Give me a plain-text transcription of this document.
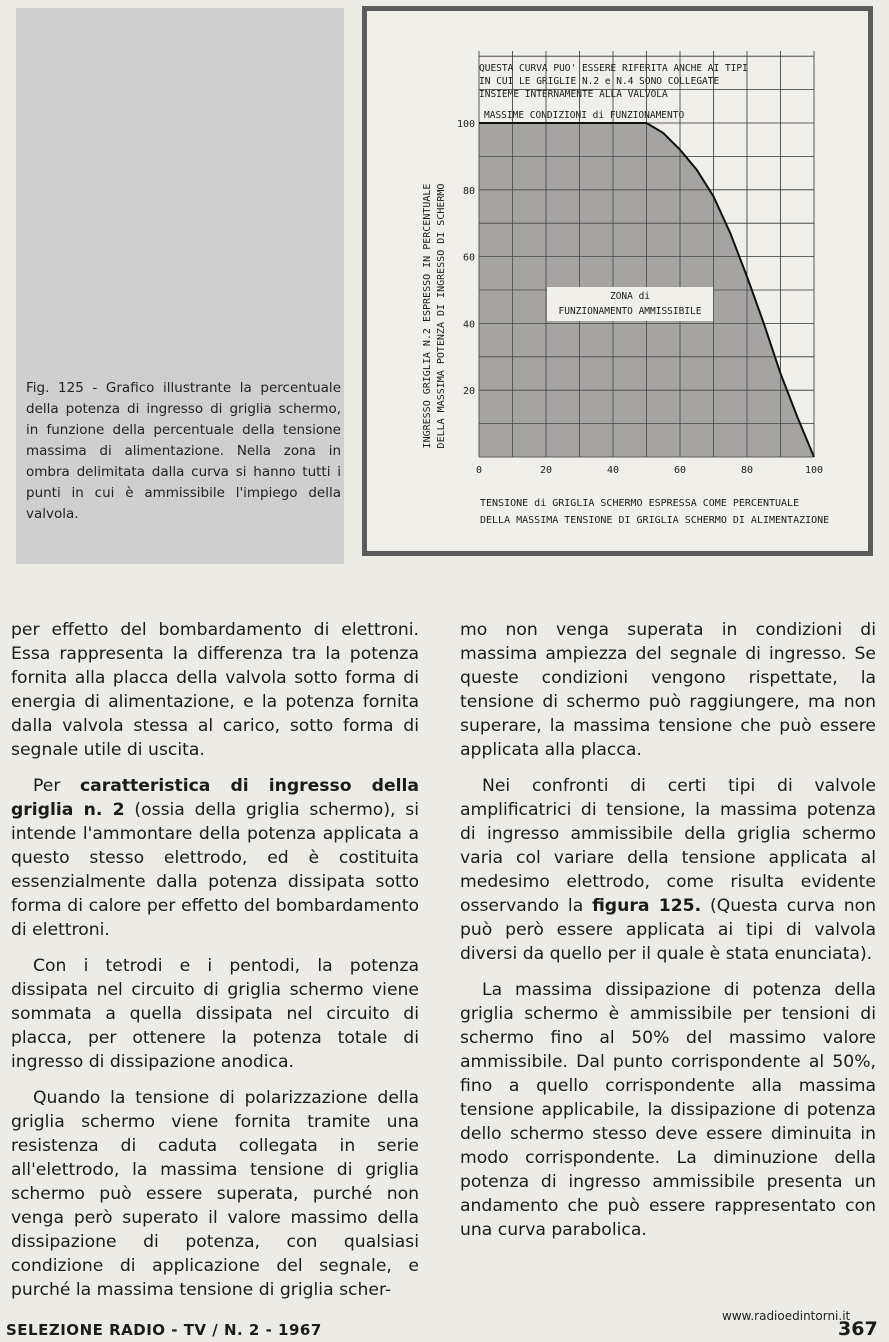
Fig. 125 - Grafico illustrante la percentuale della potenza di ingresso di griglia schermo, in funzione della percentuale della tensione massima di alimentazione. Nella zona in ombra delimitata dalla curva si hanno tutti i punti in cui è ammissibile l'impiego della valvola.
QUESTA CURVA PUO' ESSERE RIFERITA ANCHE AI TIPI
IN CUI LE GRIGLIE N.2 e N.4 SONO COLLEGATE
INSIEME INTERNAMENTE ALLA VALVOLA
MASSIME CONDIZIONI di FUNZIONAMENTO
0	20	40	60	80	100
20
40
60
80
100
ZONA di
FUNZIONAMENTO AMMISSIBILE
INGRESSO GRIGLIA N.2 ESPRESSO IN PERCENTUALE DELLA MASSIMA POTENZA DI INGRESSO DI SCHERMO
TENSIONE di GRIGLIA SCHERMO ESPRESSA COME PERCENTUALE
DELLA MASSIMA TENSIONE DI GRIGLIA SCHERMO DI ALIMENTAZIONE

per effetto del bombardamento di elettroni. Essa rappresenta la differenza tra la potenza fornita alla placca della valvola sotto forma di energia di alimentazione, e la potenza fornita dalla valvola stessa al carico, sotto forma di segnale utile di uscita.

Per caratteristica di ingresso della griglia n. 2 (ossia della griglia schermo), si intende l'ammontare della potenza applicata a questo stesso elettrodo, ed è costituita essenzialmente dalla potenza dissipata sotto forma di calore per effetto del bombardamento di elettroni.

Con i tetrodi e i pentodi, la potenza dissipata nel circuito di griglia schermo viene sommata a quella dissipata nel circuito di placca, per ottenere la potenza totale di ingresso di dissipazione anodica.

Quando la tensione di polarizzazione della griglia schermo viene fornita tramite una resistenza di caduta collegata in serie all'elettrodo, la massima tensione di griglia schermo può essere superata, purché non venga però superato il valore massimo della dissipazione di potenza, con qualsiasi condizione di applicazione del segnale, e purché la massima tensione di griglia scher-

mo non venga superata in condizioni di massima ampiezza del segnale di ingresso. Se queste condizioni vengono rispettate, la tensione di schermo può raggiungere, ma non superare, la massima tensione che può essere applicata alla placca.

Nei confronti di certi tipi di valvole amplificatrici di tensione, la massima potenza di ingresso ammissibile della griglia schermo varia col variare della tensione applicata al medesimo elettrodo, come risulta evidente osservando la figura 125. (Questa curva non può però essere applicata ai tipi di valvola diversi da quello per il quale è stata enunciata).

La massima dissipazione di potenza della griglia schermo è ammissibile per tensioni di schermo fino al 50% del massimo valore ammissibile. Dal punto corrispondente al 50%, fino a quello corrispondente alla massima tensione applicabile, la dissipazione di potenza dello schermo stesso deve essere diminuita in modo corrispondente. La diminuzione della potenza di ingresso ammissibile presenta un andamento che può essere rappresentato con una curva parabolica.

SELEZIONE RADIO - TV / N. 2 - 1967
www.radioedintorni.it
367
